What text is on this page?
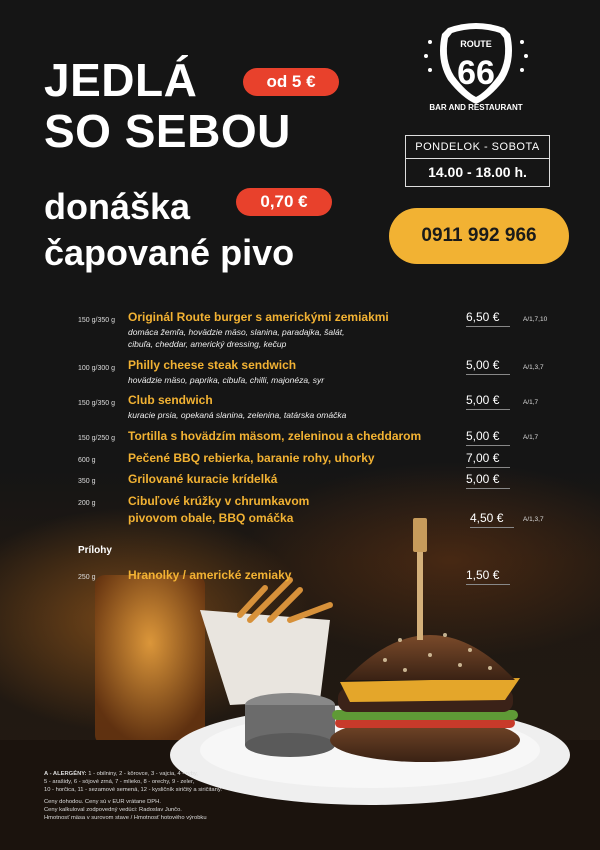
JEDLÁ
SO SEBOU
od 5 €
donáška	0,70 €
čapované pivo
ROUTE
66
BAR AND RESTAURANT
PONDELOK - SOBOTA
14.00 - 18.00 h.
0911 992 966
150 g/350 g	Originál Route burger s americkými zemiakmi
domáca žemľa, hovädzie mäso, slanina, paradajka, šalát,
cibuľa, cheddar, americký dressing, kečup
6,50 €	A/1,7,10
100 g/300 g	Philly cheese steak sendwich
hovädzie mäso, paprika, cibuľa, chilli, majonéza, syr
5,00 €	A/1,3,7
150 g/350 g	Club sendwich
kuracie prsia, opekaná slanina, zelenina, tatárska omáčka
5,00 €	A/1,7
150 g/250 g	Tortilla s hovädzím mäsom, zeleninou a cheddarom	5,00 €	A/1,7
600 g	Pečené BBQ rebierka, baranie rohy, uhorky	7,00 €
350 g	Grilované kuracie krídelká	5,00 €
200 g	Cibuľové krúžky v chrumkavom
pivovom obale, BBQ omáčka	4,50 €	A/1,3,7
Prílohy
250 g	Hranolky / americké zemiaky	1,50 €
A - ALERGÉNY: 1 - obilniny, 2 - kôrovce, 3 - vajcia, 4 - ryby,
5 - arašidy, 6 - sójové zrná, 7 - mlieko, 8 - orechy, 9 - zeler,
10 - horčica, 11 - sezamové semená, 12 - kysličník siričitý a siričitany.
Ceny dohodou. Ceny sú v EUR vrátane DPH.
Ceny kalkuloval zodpovedný vedúci: Radoslav Junčo.
Hmotnosť mäsa v surovom stave / Hmotnosť hotového výrobku
